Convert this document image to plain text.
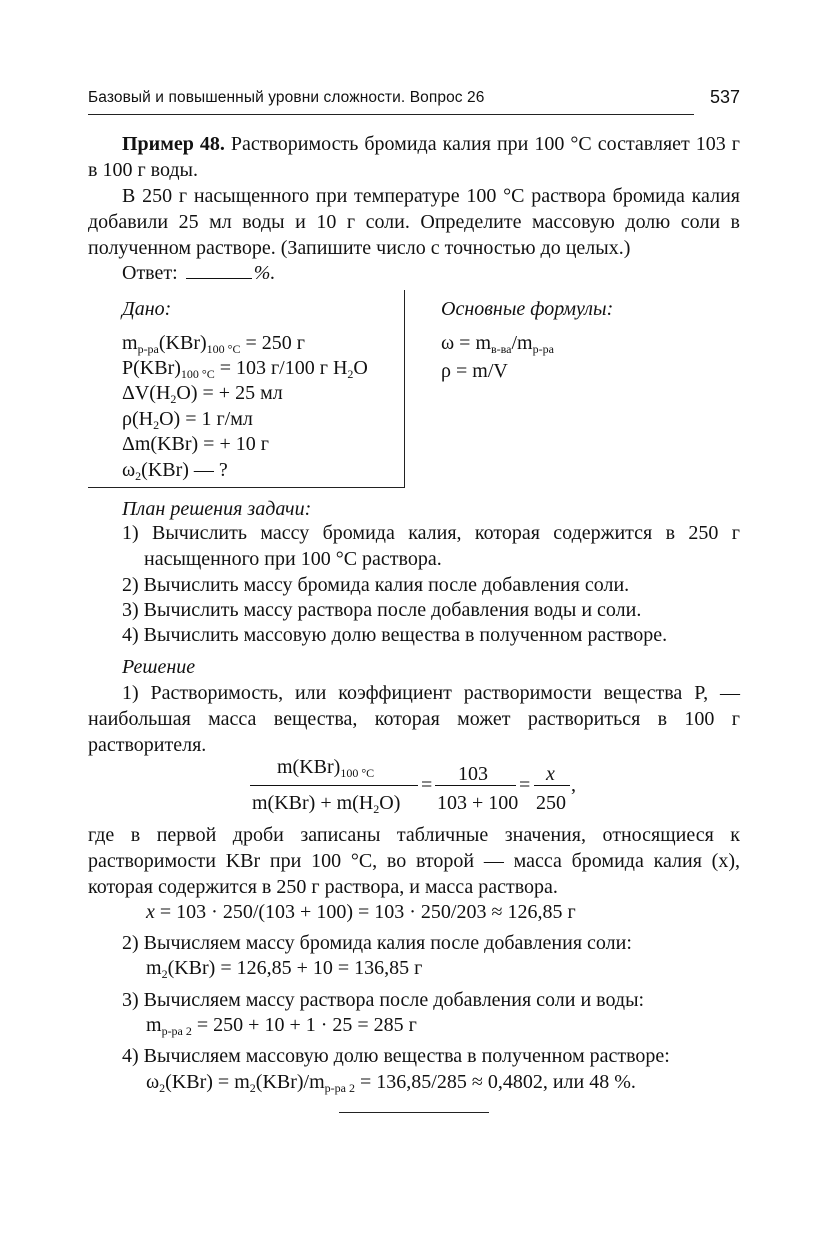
Базовый и повышенный уровни сложности. Вопрос 26	537
Пример 48. Растворимость бромида калия при 100 °С составляет 103 г в 100 г воды.
В 250 г насыщенного при температуре 100 °С раствора бромида калия добавили 25 мл воды и 10 г соли. Определите массовую долю соли в полученном растворе. (Запишите число с точностью до целых.)
Ответ:	%.
Дано:
$m_{р-ра}(KBr)_{100 ^\circ С} = 250$ г
$P(KBr)_{100 ^\circ С} = 103$ г/100 г $H_2O$
$\Delta V(H_2O)$ = + 25 мл
$\rho(H_2O) = 1$ г/мл
Δm(KBr) = + 10 г
$\omega_2(KBr)$ — ?
Основные формулы:
$\omega = m_{в-ва}/m_{р-ра}$
ρ = m/V
План решения задачи:
1) Вычислить массу бромида калия, которая содержится в 250 г насыщенного при 100 °С раствора.
2) Вычислить массу бромида калия после добавления соли.
3) Вычислить массу раствора после добавления воды и соли.
4) Вычислить массовую долю вещества в полученном растворе.
Решение
1) Растворимость, или коэффициент растворимости вещества P, — наибольшая масса вещества, которая может раствориться в 100 г растворителя.
$m(KBr)_{100 ^\circ С}$
$m(KBr) + m(H_2O)$
= 103
103 + 100
= x
250
,
где в первой дроби записаны табличные значения, относящиеся к растворимости KBr при 100 °С, во второй — масса бромида калия (x), которая содержится в 250 г раствора, и масса раствора.
x = 103 · 250/(103 + 100) = 103 · 250/203 ≈ 126,85 г
2) Вычисляем массу бромида калия после добавления соли:
$m_2(KBr) = 126,85 + 10 = 136,85$ г
3) Вычисляем массу раствора после добавления соли и воды:
$m_{р-ра 2} = 250 + 10 + 1 \cdot 25 = 285$ г
4) Вычисляем массовую долю вещества в полученном растворе:
$\omega_2(KBr) = m_2(KBr)/m_{р-ра 2} = 136,85/285 \approx 0,4802$, или 48 %.
